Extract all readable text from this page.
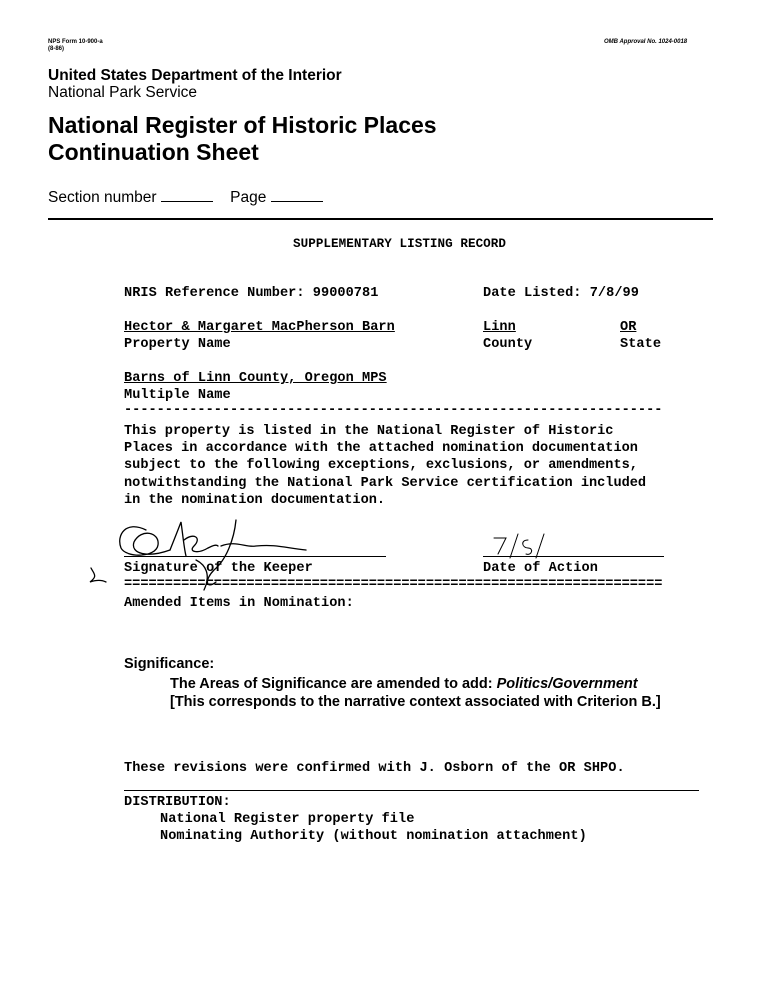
NPS Form 10-900-a
(8-86)
OMB Approval No. 1024-0018
United States Department of the Interior
National Park Service
National Register of Historic Places
Continuation Sheet
Section number	Page
SUPPLEMENTARY LISTING RECORD
NRIS Reference Number: 99000781	Date Listed: 7/8/99
Hector & Margaret MacPherson Barn	Linn	OR
Property Name	County	State
Barns of Linn County, Oregon MPS
Multiple Name
------------------------------------------------------------------
This property is listed in the National Register of Historic
Places in accordance with the attached nomination documentation
subject to the following exceptions, exclusions, or amendments,
notwithstanding the National Park Service certification included
in the nomination documentation.
Signature of the Keeper	Date of Action
==================================================================
Amended Items in Nomination:
Significance:
The Areas of Significance are amended to add: Politics/Government
[This corresponds to the narrative context associated with Criterion B.]
These revisions were confirmed with J. Osborn of the OR SHPO.
DISTRIBUTION:
National Register property file
Nominating Authority (without nomination attachment)
